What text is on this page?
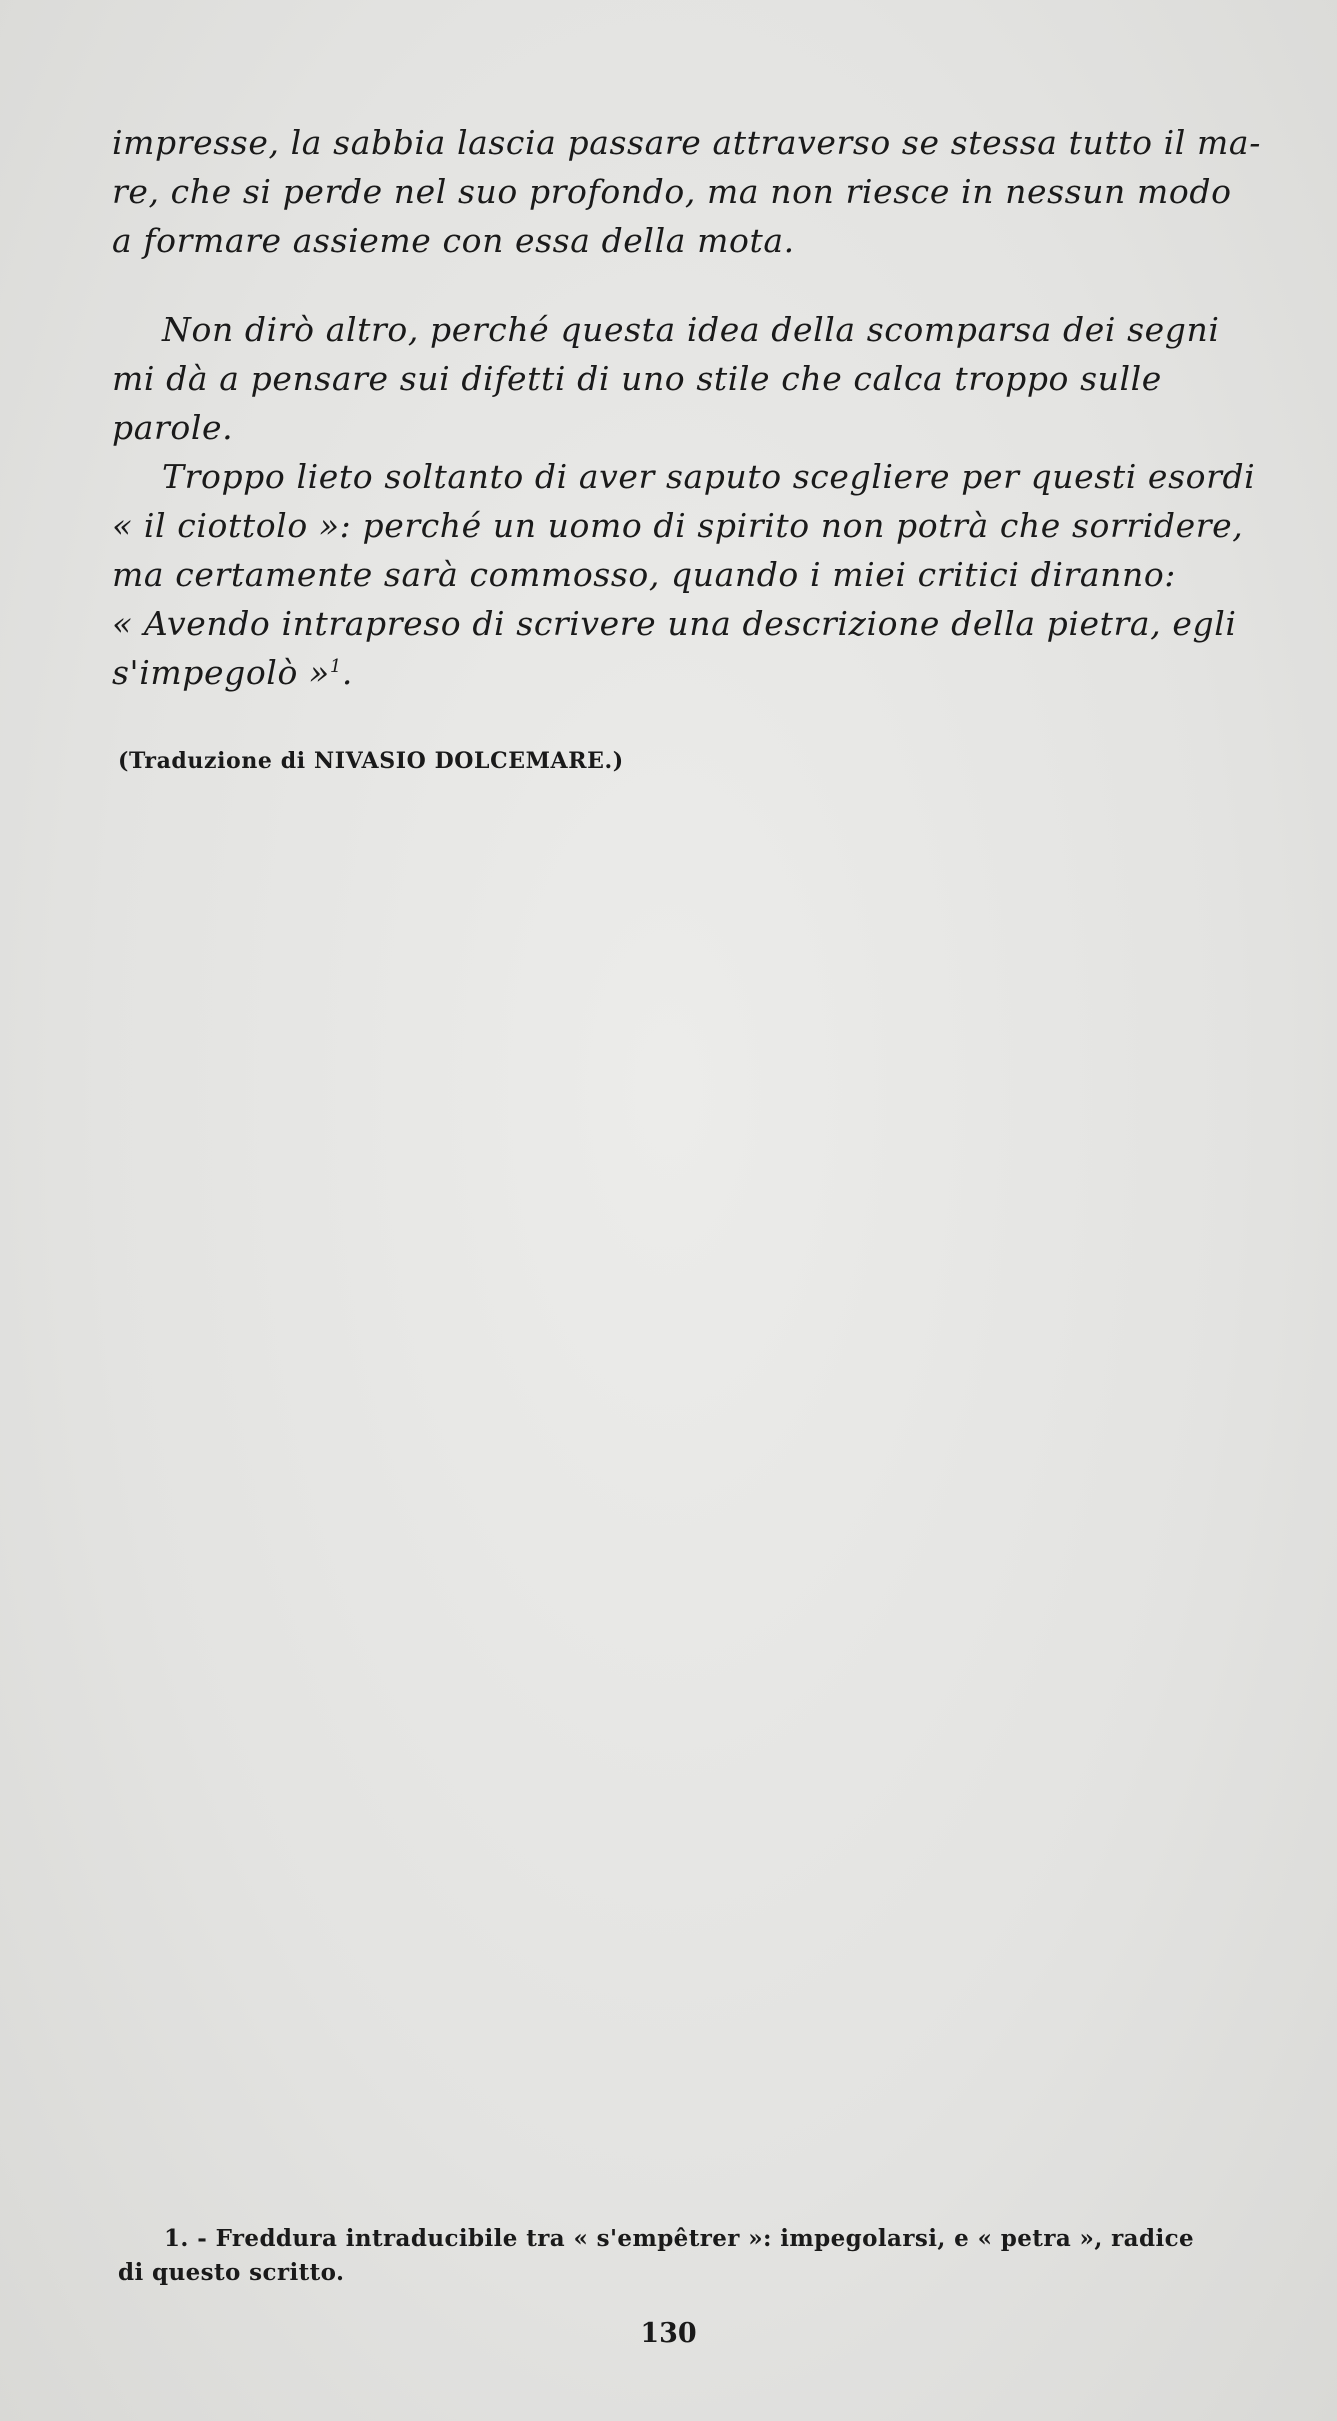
impresse, la sabbia lascia passare attraverso se stessa tutto il ma-
re, che si perde nel suo profondo, ma non riesce in nessun modo
a formare assieme con essa della mota.

Non dirò altro, perché questa idea della scomparsa dei segni
mi dà a pensare sui difetti di uno stile che calca troppo sulle
parole.

Troppo lieto soltanto di aver saputo scegliere per questi esordi
« il ciottolo »: perché un uomo di spirito non potrà che sorridere,
ma certamente sarà commosso, quando i miei critici diranno:
« Avendo intrapreso di scrivere una descrizione della pietra, egli
s'impegolò »$^1$.

(Traduzione di NIVASIO DOLCEMARE.)
1. - Freddura intraducibile tra « s'empêtrer »: impegolarsi, e « petra », radice
di questo scritto.
130
